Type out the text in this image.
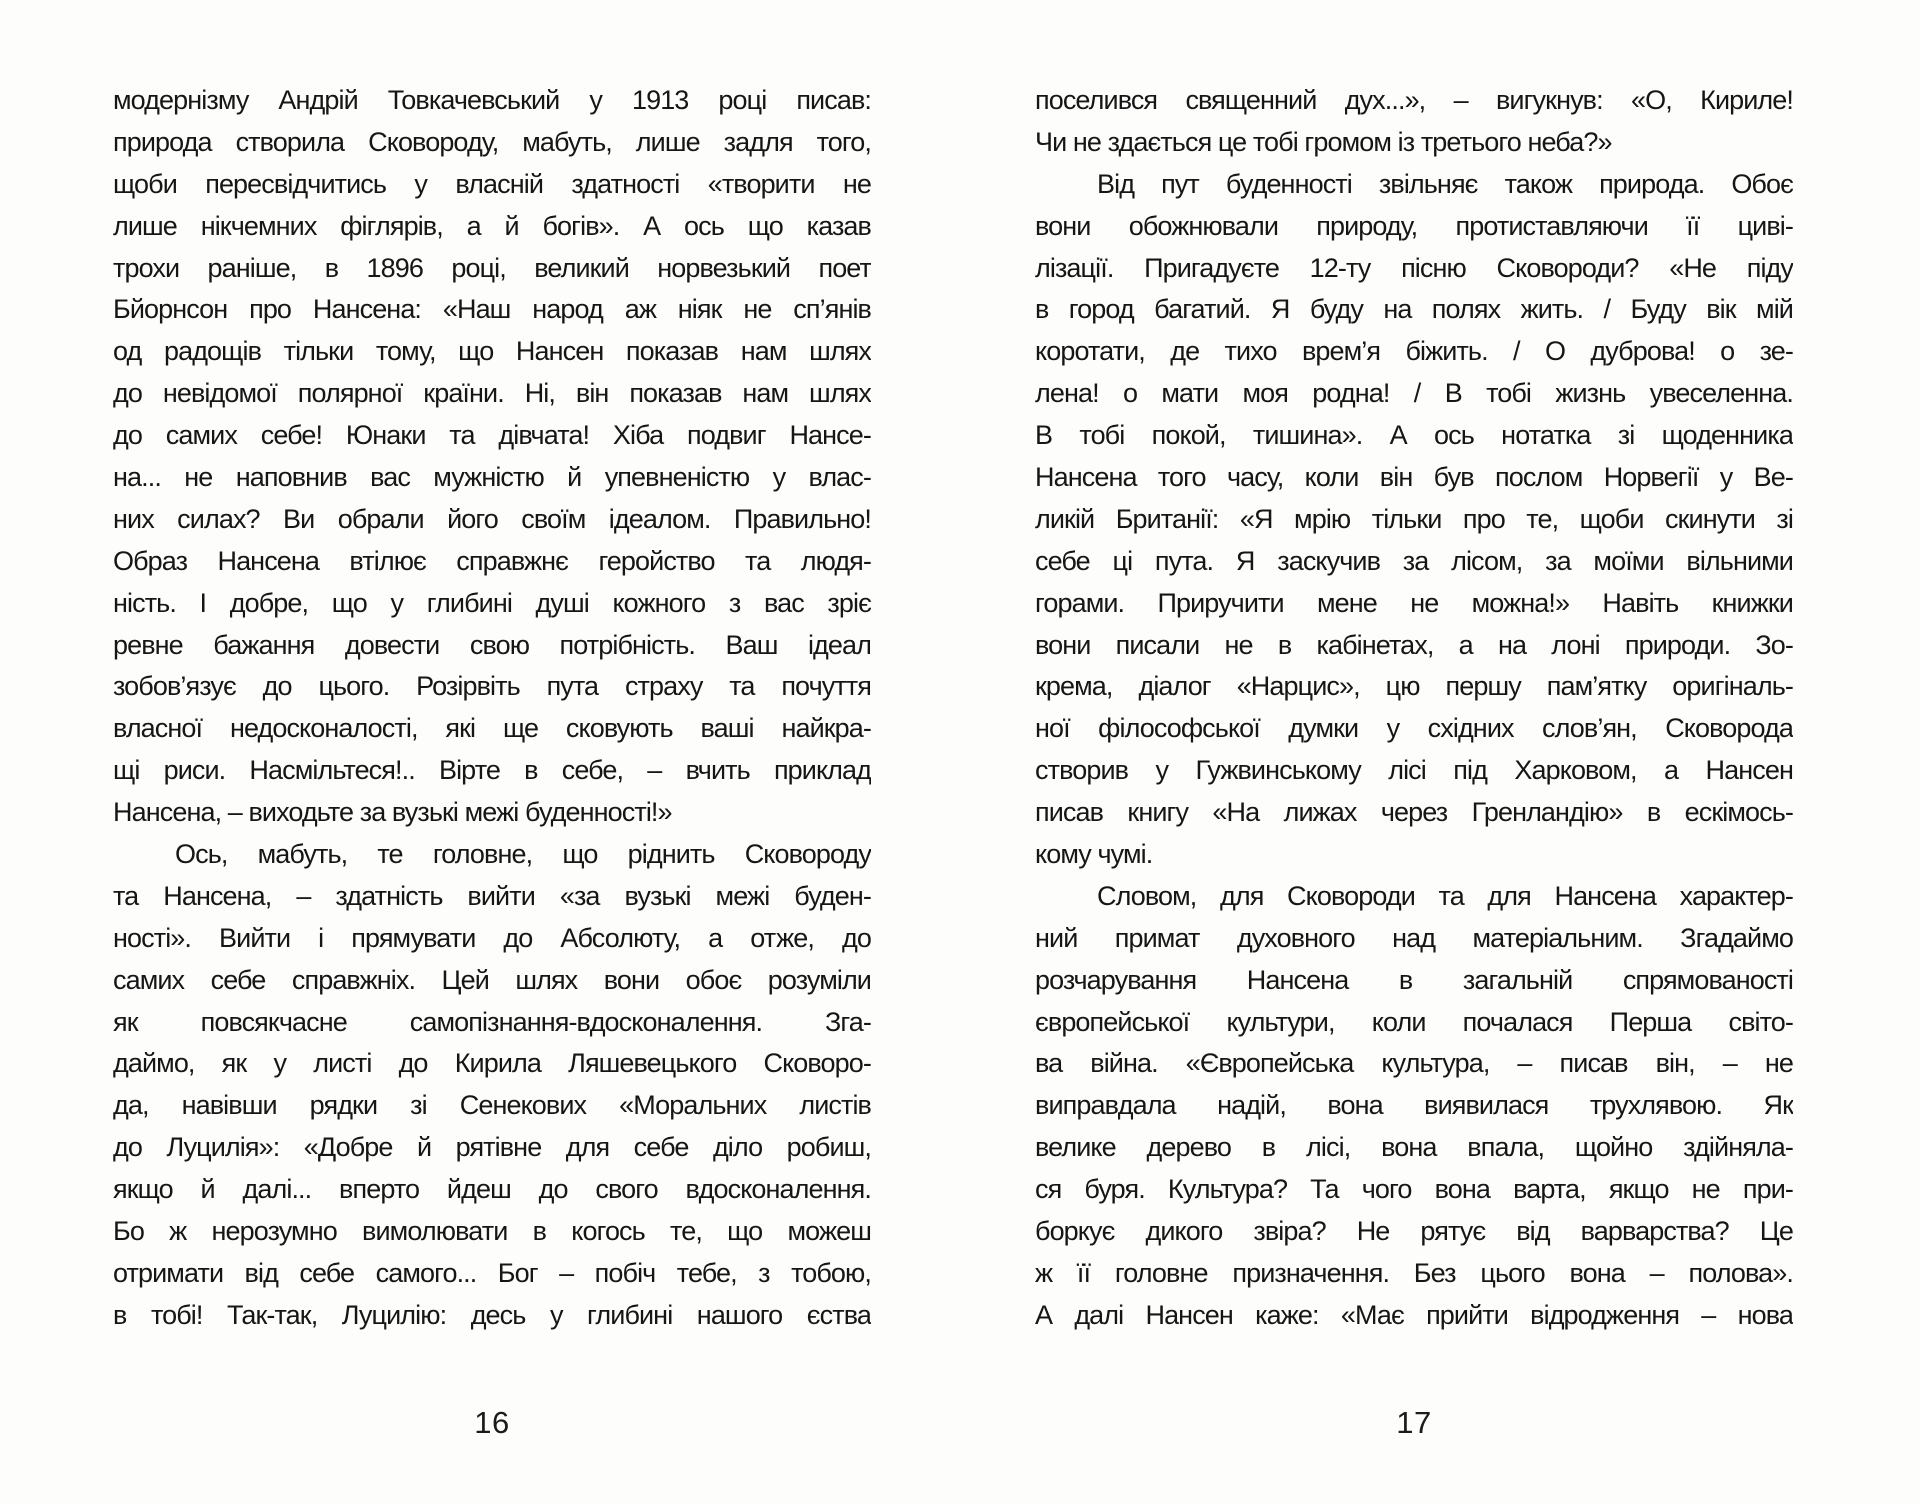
модернізму Андрій Товкачевський у 1913 році писав:
природа створила Сковороду, мабуть, лише задля того,
щоби пересвідчитись у власній здатності «творити не
лише нікчемних фіглярів, а й богів». А ось що казав
трохи раніше, в 1896 році, великий норвезький поет
Бйорнсон про Нансена: «Наш народ аж ніяк не сп’янів
од радощів тільки тому, що Нансен показав нам шлях
до невідомої полярної країни. Ні, він показав нам шлях
до самих себе! Юнаки та дівчата! Хіба подвиг Нансе-
на... не наповнив вас мужністю й упевненістю у влас-
них силах? Ви обрали його своїм ідеалом. Правильно!
Образ Нансена втілює справжнє геройство та людя-
ність. І добре, що у глибині душі кожного з вас зріє
ревне бажання довести свою потрібність. Ваш ідеал
зобов’язує до цього. Розірвіть пута страху та почуття
власної недосконалості, які ще сковують ваші найкра-
щі риси. Насмільтеся!.. Вірте в себе, – вчить приклад
Нансена, – виходьте за вузькі межі буденності!»
Ось, мабуть, те головне, що ріднить Сковороду
та Нансена, – здатність вийти «за вузькі межі буден-
ності». Вийти і прямувати до Абсолюту, а отже, до
самих себе справжніх. Цей шлях вони обоє розуміли
як повсякчасне самопізнання-вдосконалення. Зга-
даймо, як у листі до Кирила Ляшевецького Сковоро-
да, навівши рядки зі Сенекових «Моральних листів
до Луцилія»: «Добре й рятівне для себе діло робиш,
якщо й далі... вперто йдеш до свого вдосконалення.
Бо ж нерозумно вимолювати в когось те, що можеш
отримати від себе самого... Бог – побіч тебе, з тобою,
в тобі! Так-так, Луцилію: десь у глибині нашого єства
16
поселився священний дух...», – вигукнув: «О, Кириле!
Чи не здається це тобі громом із третього неба?»
Від пут буденності звільняє також природа. Обоє
вони обожнювали природу, протиставляючи її циві-
лізації. Пригадуєте 12-ту пісню Сковороди? «Не піду
в город багатий. Я буду на полях жить. / Буду вік мій
коротати, де тихо врем’я біжить. / О дуброва! о зе-
лена! о мати моя родна! / В тобі жизнь увеселенна.
В тобі покой, тишина». А ось нотатка зі щоденника
Нансена того часу, коли він був послом Норвегії у Ве-
ликій Британії: «Я мрію тільки про те, щоби скинути зі
себе ці пута. Я заскучив за лісом, за моїми вільними
горами. Приручити мене не можна!» Навіть книжки
вони писали не в кабінетах, а на лоні природи. Зо-
крема, діалог «Нарцис», цю першу пам’ятку оригіналь-
ної філософської думки у східних слов’ян, Сковорода
створив у Гужвинському лісі під Харковом, а Нансен
писав книгу «На лижах через Гренландію» в ескімось-
кому чумі.
Словом, для Сковороди та для Нансена характер-
ний примат духовного над матеріальним. Згадаймо
розчарування Нансена в загальній спрямованості
європейської культури, коли почалася Перша світо-
ва війна. «Європейська культура, – писав він, – не
виправдала надій, вона виявилася трухлявою. Як
велике дерево в лісі, вона впала, щойно здійняла-
ся буря. Культура? Та чого вона варта, якщо не при-
боркує дикого звіра? Не рятує від варварства? Це
ж її головне призначення. Без цього вона – полова».
А далі Нансен каже: «Має прийти відродження – нова
17
